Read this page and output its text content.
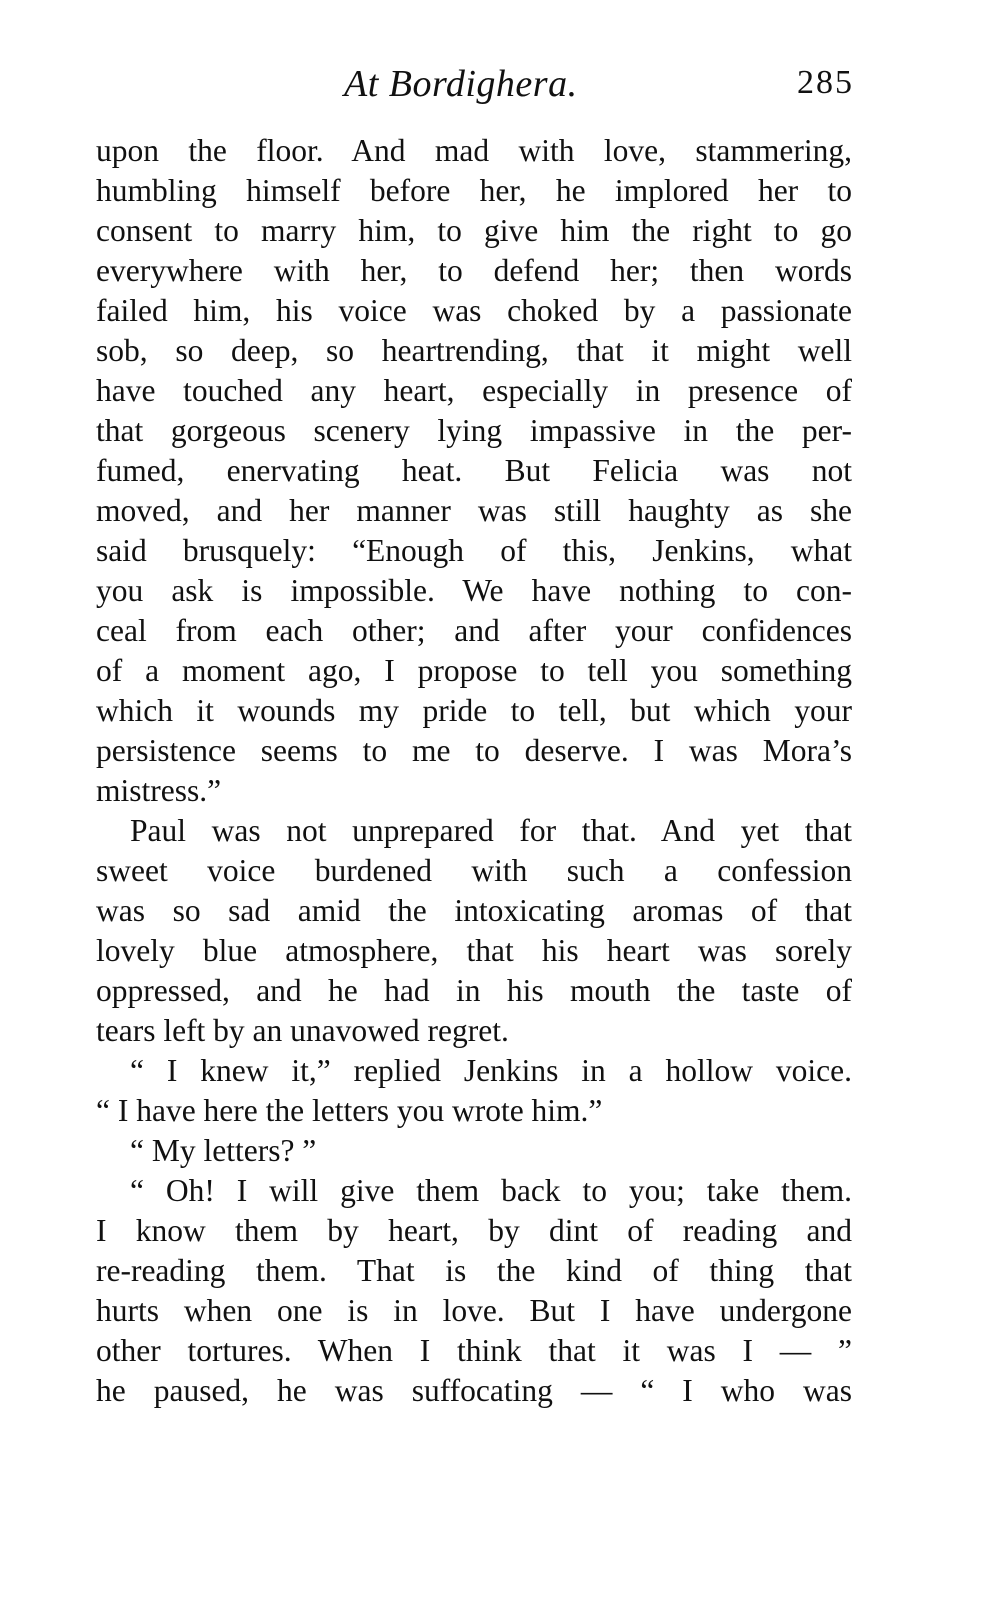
At Bordighera.	285
upon the floor. And mad with love, stammering,
humbling himself before her, he implored her to
consent to marry him, to give him the right to go
everywhere with her, to defend her; then words
failed him, his voice was choked by a passionate
sob, so deep, so heartrending, that it might well
have touched any heart, especially in presence of
that gorgeous scenery lying impassive in the per-
fumed, enervating heat. But Felicia was not
moved, and her manner was still haughty as she
said brusquely: “Enough of this, Jenkins, what
you ask is impossible. We have nothing to con-
ceal from each other; and after your confidences
of a moment ago, I propose to tell you something
which it wounds my pride to tell, but which your
persistence seems to me to deserve. I was Mora’s
mistress.”
Paul was not unprepared for that. And yet that
sweet voice burdened with such a confession
was so sad amid the intoxicating aromas of that
lovely blue atmosphere, that his heart was sorely
oppressed, and he had in his mouth the taste of
tears left by an unavowed regret.
“ I knew it,” replied Jenkins in a hollow voice.
“ I have here the letters you wrote him.”
“ My letters? ”
“ Oh! I will give them back to you; take them.
I know them by heart, by dint of reading and
re-reading them. That is the kind of thing that
hurts when one is in love. But I have undergone
other tortures. When I think that it was I — ”
he paused, he was suffocating — “ I who was
